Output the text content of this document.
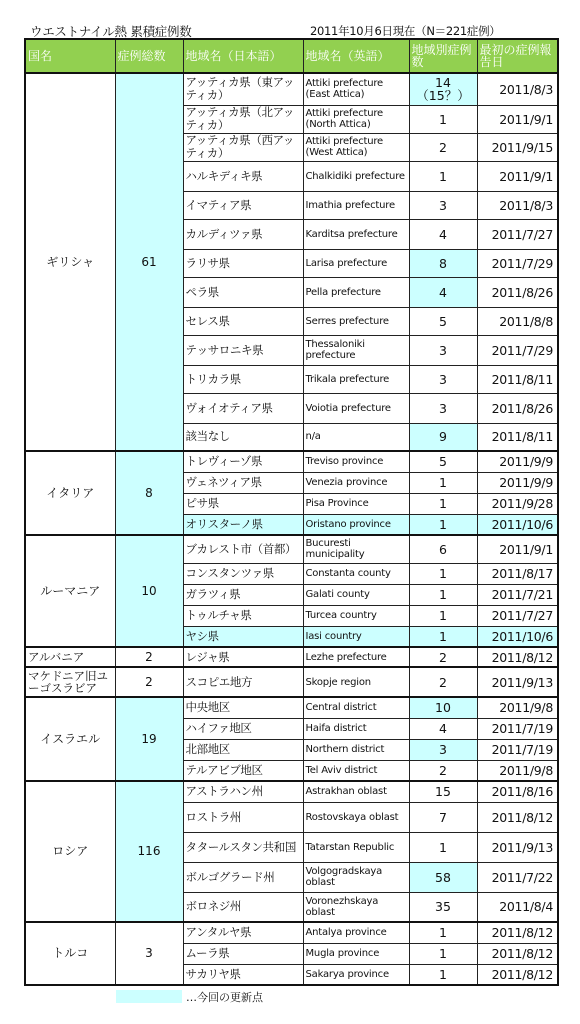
ウエストナイル熱 累積症例数	2011年10月6日現在（N＝221症例）
国名	症例総数	地域名（日本語）	地域名（英語）	地域別症例数	最初の症例報告日
ギリシャ	61	アッティカ県（東アッティカ）	Attiki prefecture (East Attica)	14（15？）	2011/8/3
		アッティカ県（北アッティカ）	Attiki prefecture (North Attica)	1	2011/9/1
		アッティカ県（西アッティカ）	Attiki prefecture (West Attica)	2	2011/9/15
		ハルキディキ県	Chalkidiki prefecture	1	2011/9/1
		イマティア県	Imathia prefecture	3	2011/8/3
		カルディツァ県	Karditsa prefecture	4	2011/7/27
		ラリサ県	Larisa prefecture	8	2011/7/29
		ペラ県	Pella prefecture	4	2011/8/26
		セレス県	Serres prefecture	5	2011/8/8
		テッサロニキ県	Thessaloniki prefecture	3	2011/7/29
		トリカラ県	Trikala prefecture	3	2011/8/11
		ヴォイオティア県	Voiotia prefecture	3	2011/8/26
		該当なし	n/a	9	2011/8/11
イタリア	8	トレヴィーゾ県	Treviso province	5	2011/9/9
		ヴェネツィア県	Venezia province	1	2011/9/9
		ピサ県	Pisa Province	1	2011/9/28
		オリスターノ県	Oristano province	1	2011/10/6
ルーマニア	10	ブカレスト市（首都）	Bucuresti municipality	6	2011/9/1
		コンスタンツァ県	Constanta county	1	2011/8/17
		ガラツィ県	Galati county	1	2011/7/21
		トゥルチャ県	Turcea country	1	2011/7/27
		ヤシ県	Iasi country	1	2011/10/6
アルバニア	2	レジャ県	Lezhe prefecture	2	2011/8/12
マケドニア旧ユーゴスラビア	2	スコピエ地方	Skopje region	2	2011/9/13
イスラエル	19	中央地区	Central district	10	2011/9/8
		ハイファ地区	Haifa district	4	2011/7/19
		北部地区	Northern district	3	2011/7/19
		テルアビブ地区	Tel Aviv district	2	2011/9/8
ロシア	116	アストラハン州	Astrakhan oblast	15	2011/8/16
		ロストラ州	Rostovskaya oblast	7	2011/8/12
		タタールスタン共和国	Tatarstan Republic	1	2011/9/13
		ボルゴグラード州	Volgogradskaya oblast	58	2011/7/22
		ボロネジ州	Voronezhskaya oblast	35	2011/8/4
トルコ	3	アンタルヤ県	Antalya province	1	2011/8/12
		ムーラ県	Mugla province	1	2011/8/12
		サカリヤ県	Sakarya province	1	2011/8/12
…今回の更新点
